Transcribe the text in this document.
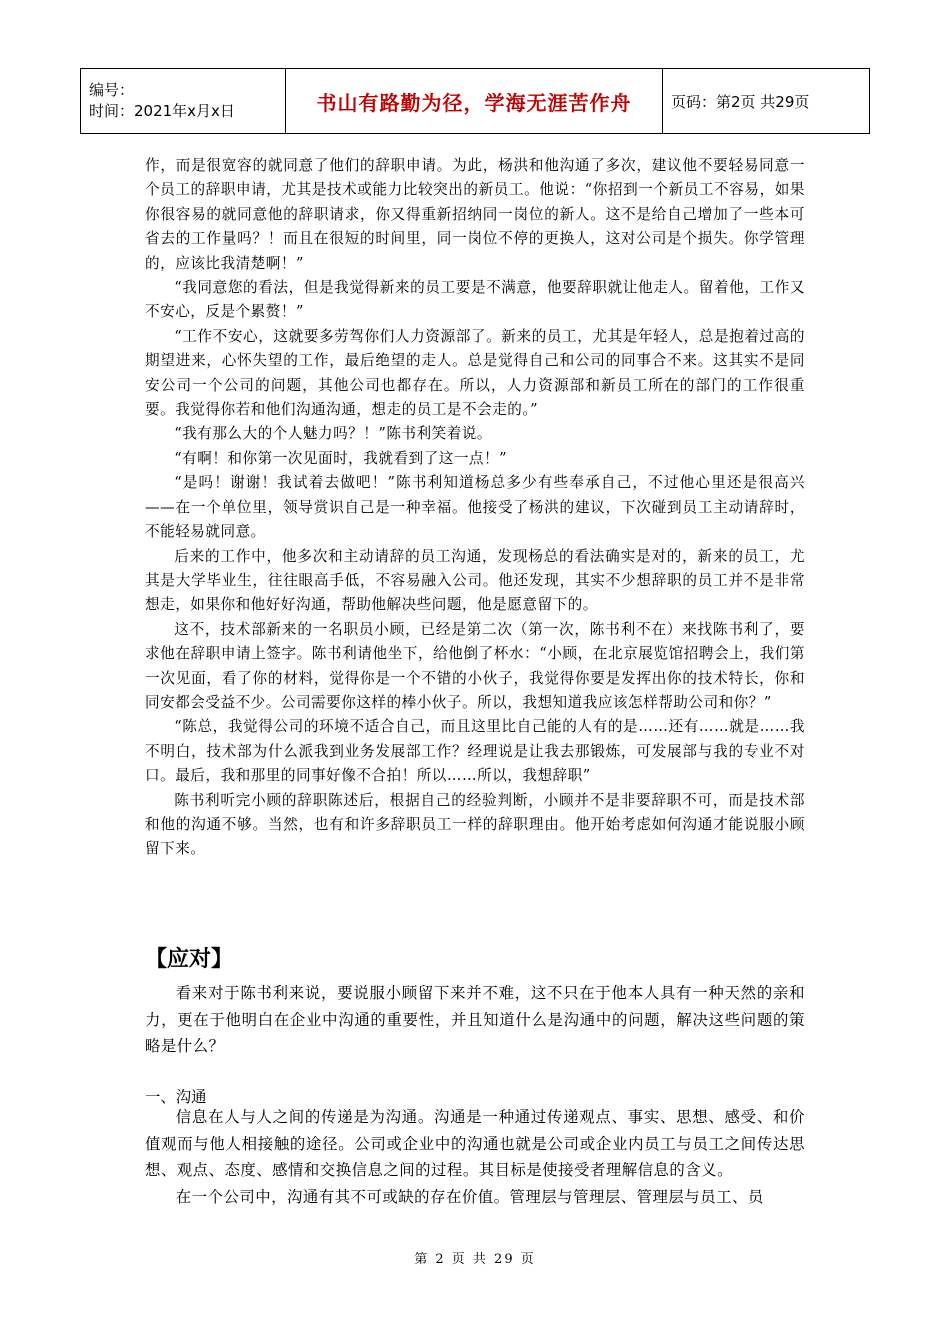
编号：
时间：2021年x月x日	书山有路勤为径，学海无涯苦作舟	页码：第2页 共29页

作，而是很宽容的就同意了他们的辞职申请。为此，杨洪和他沟通了多次，建议他不要轻易同意一个员工的辞职申请，尤其是技术或能力比较突出的新员工。他说：“你招到一个新员工不容易，如果你很容易的就同意他的辞职请求，你又得重新招纳同一岗位的新人。这不是给自己增加了一些本可省去的工作量吗？！而且在很短的时间里，同一岗位不停的更换人，这对公司是个损失。你学管理的，应该比我清楚啊！”

“我同意您的看法，但是我觉得新来的员工要是不满意，他要辞职就让他走人。留着他，工作又不安心，反是个累赘！”

“工作不安心，这就要多劳驾你们人力资源部了。新来的员工，尤其是年轻人，总是抱着过高的期望进来，心怀失望的工作，最后绝望的走人。总是觉得自己和公司的同事合不来。这其实不是同安公司一个公司的问题，其他公司也都存在。所以，人力资源部和新员工所在的部门的工作很重要。我觉得你若和他们沟通沟通，想走的员工是不会走的。”

“我有那么大的个人魅力吗？！”陈书利笑着说。

“有啊！和你第一次见面时，我就看到了这一点！”

“是吗！谢谢！我试着去做吧！”陈书利知道杨总多少有些奉承自己，不过他心里还是很高兴——在一个单位里，领导赏识自己是一种幸福。他接受了杨洪的建议，下次碰到员工主动请辞时，不能轻易就同意。

后来的工作中，他多次和主动请辞的员工沟通，发现杨总的看法确实是对的，新来的员工，尤其是大学毕业生，往往眼高手低，不容易融入公司。他还发现，其实不少想辞职的员工并不是非常想走，如果你和他好好沟通，帮助他解决些问题，他是愿意留下的。

这不，技术部新来的一名职员小顾，已经是第二次（第一次，陈书利不在）来找陈书利了，要求他在辞职申请上签字。陈书利请他坐下，给他倒了杯水：“小顾，在北京展览馆招聘会上，我们第一次见面，看了你的材料，觉得你是一个不错的小伙子，我觉得你要是发挥出你的技术特长，你和同安都会受益不少。公司需要你这样的棒小伙子。所以，我想知道我应该怎样帮助公司和你？”

“陈总，我觉得公司的环境不适合自己，而且这里比自己能的人有的是……还有……就是……我不明白，技术部为什么派我到业务发展部工作？经理说是让我去那锻炼，可发展部与我的专业不对口。最后，我和那里的同事好像不合拍！所以……所以，我想辞职”

陈书利听完小顾的辞职陈述后，根据自己的经验判断，小顾并不是非要辞职不可，而是技术部和他的沟通不够。当然，也有和许多辞职员工一样的辞职理由。他开始考虑如何沟通才能说服小顾留下来。

【应对】

看来对于陈书利来说，要说服小顾留下来并不难，这不只在于他本人具有一种天然的亲和力，更在于他明白在企业中沟通的重要性，并且知道什么是沟通中的问题，解决这些问题的策略是什么？

一、沟通

信息在人与人之间的传递是为沟通。沟通是一种通过传递观点、事实、思想、感受、和价值观而与他人相接触的途径。公司或企业中的沟通也就是公司或企业内员工与员工之间传达思想、观点、态度、感情和交换信息之间的过程。其目标是使接受者理解信息的含义。

在一个公司中，沟通有其不可或缺的存在价值。管理层与管理层、管理层与员工、员

第 2 页 共 29 页
